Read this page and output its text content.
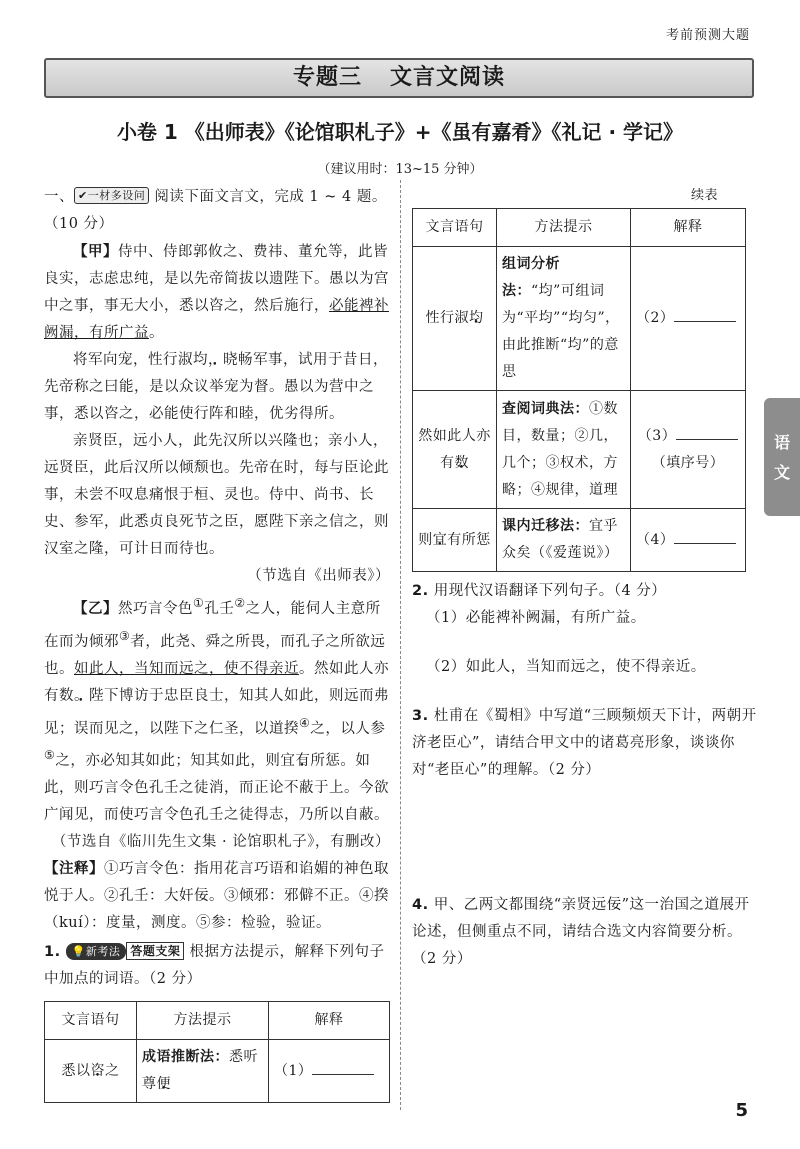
考前预测大题
专题三 文言文阅读
小卷 1 《出师表》《论馆职札子》+《虽有嘉肴》《礼记 · 学记》
（建议用时：13~15 分钟）

一、 ✔一材多设问 阅读下面文言文，完成 1 ~ 4 题。
（10 分）

【甲】侍中、侍郎郭攸之、费祎、董允等，此皆良实，志虑忠纯，是以先帝简拔以遗陛下。愚以为宫中之事，事无大小，悉以咨之，然后施行，必能裨补阙漏，有所广益。

将军向宠，性行淑均，晓畅军事，试用于昔日，先帝称之曰能，是以众议举宠为督。愚以为营中之事，悉以咨之，必能使行阵和睦，优劣得所。

亲贤臣，远小人，此先汉所以兴隆也；亲小人，远贤臣，此后汉所以倾颓也。先帝在时，每与臣论此事，未尝不叹息痛恨于桓、灵也。侍中、尚书、长史、参军，此悉贞良死节之臣，愿陛下亲之信之，则汉室之隆，可计日而待也。

（节选自《出师表》）

【乙】然巧言令色①孔壬②之人，能伺人主意所在而为倾邪③者，此尧、舜之所畏，而孔子之所欲远也。如此人，当知而远之，使不得亲近。然如此人亦有数。陛下博访于忠臣良士，知其人如此，则远而弗见；误而见之，以陛下之仁圣，以道揆④之，以人参⑤之，亦必知其如此；知其如此，则宜有所惩。如此，则巧言令色孔壬之徒消，而正论不蔽于上。今欲广闻见，而使巧言令色孔壬之徒得志，乃所以自蔽。

（节选自《临川先生文集 · 论馆职札子》，有删改）

【注释】①巧言令色：指用花言巧语和谄媚的神色取悦于人。②孔壬：大奸佞。③倾邪：邪僻不正。④揆（kuí）：度量，测度。⑤参：检验，验证。

1. 💡新考法 答题支架 根据方法提示，解释下列句子中加点的词语。（2 分）

文言语句	方法提示	解释
悉以咨之	成语推断法：悉听尊便	（1）
续表
文言语句	方法提示	解释
性行淑均	组词分析法：“均”可组词为“平均”“均匀”，由此推断“均”的意思	（2）
然如此人亦有数	查阅词典法：①数目，数量；②几，几个；③权术，方略；④规律，道理	（3）
（填序号）
则宜有所惩	课内迁移法：宜乎众矣（《爱莲说》）	（4）

2. 用现代汉语翻译下列句子。（4 分）

（1）必能裨补阙漏，有所广益。

（2）如此人，当知而远之，使不得亲近。

3. 杜甫在《蜀相》中写道“三顾频烦天下计，两朝开济老臣心”，请结合甲文中的诸葛亮形象，谈谈你对“老臣心”的理解。（2 分）

4. 甲、乙两文都围绕“亲贤远佞”这一治国之道展开论述，但侧重点不同，请结合选文内容简要分析。（2 分）

语
文
5
